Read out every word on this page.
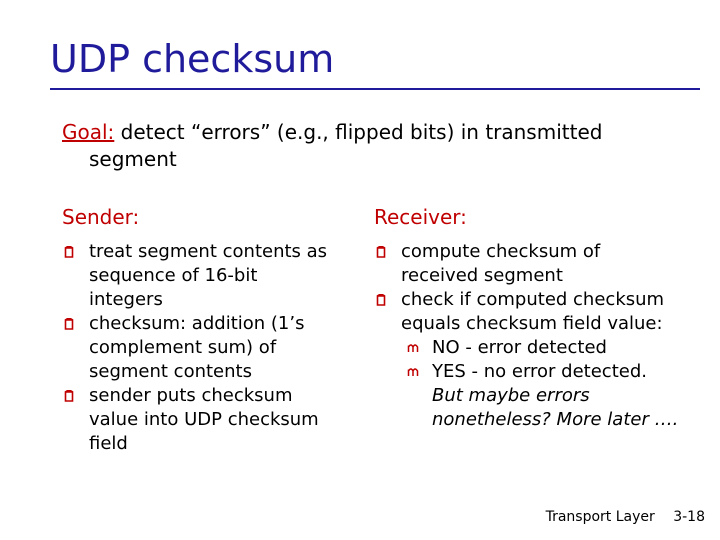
UDP checksum
Goal: detect “errors” (e.g., flipped bits) in transmitted
segment
Sender:
treat segment contents as
sequence of 16-bit
integers
checksum: addition (1’s
complement sum) of
segment contents
sender puts checksum
value into UDP checksum
field
Receiver:
compute checksum of
received segment
check if computed checksum
equals checksum field value:
NO - error detected
YES - no error detected.
But maybe errors
nonetheless? More later ….
Transport Layer 3-18
